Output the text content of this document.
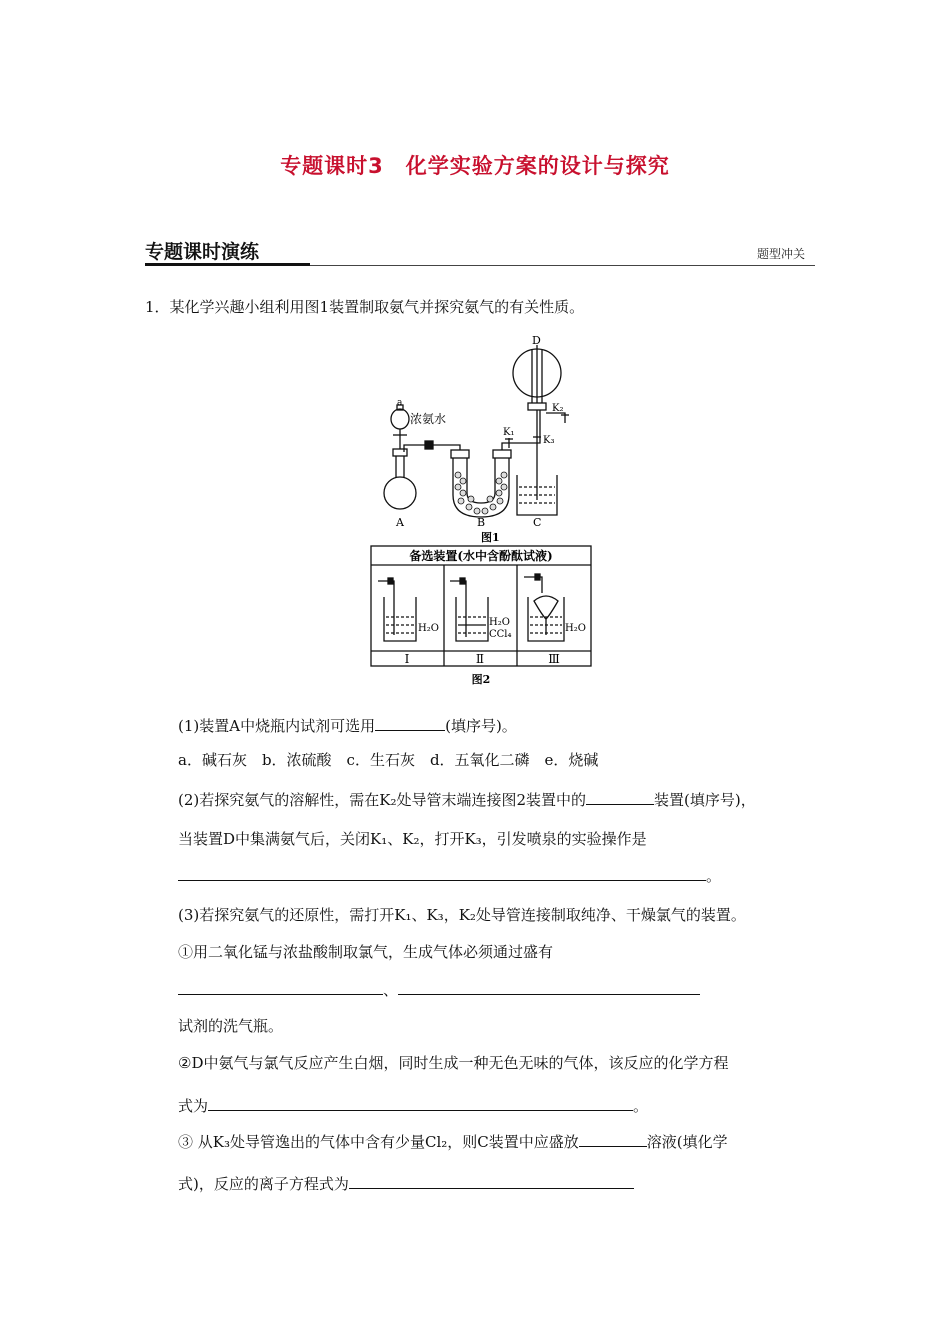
专题课时3　化学实验方案的设计与探究
专题课时演练	题型冲关
1．某化学兴趣小组利用图1装置制取氨气并探究氨气的有关性质。
a
浓氨水
A	B	C
D
K₁
K₂
K₃
图1
备选装置(水中含酚酞试液)
H₂O
H₂O
CCl₄
H₂O
Ⅰ	Ⅱ	Ⅲ
图2
(1)装置A中烧瓶内试剂可选用	(填序号)。
a．碱石灰　b．浓硫酸　c．生石灰　d．五氧化二磷　e．烧碱
(2)若探究氨气的溶解性，需在K₂处导管末端连接图2装置中的	装置(填序号)，
当装置D中集满氨气后，关闭K₁、K₂，打开K₃，引发喷泉的实验操作是
。
(3)若探究氨气的还原性，需打开K₁、K₃，K₂处导管连接制取纯净、干燥氯气的装置。
①用二氧化锰与浓盐酸制取氯气，生成气体必须通过盛有
、
试剂的洗气瓶。
②D中氨气与氯气反应产生白烟，同时生成一种无色无味的气体，该反应的化学方程
式为	。
③ 从K₃处导管逸出的气体中含有少量Cl₂，则C装置中应盛放	溶液(填化学
式)，反应的离子方程式为
